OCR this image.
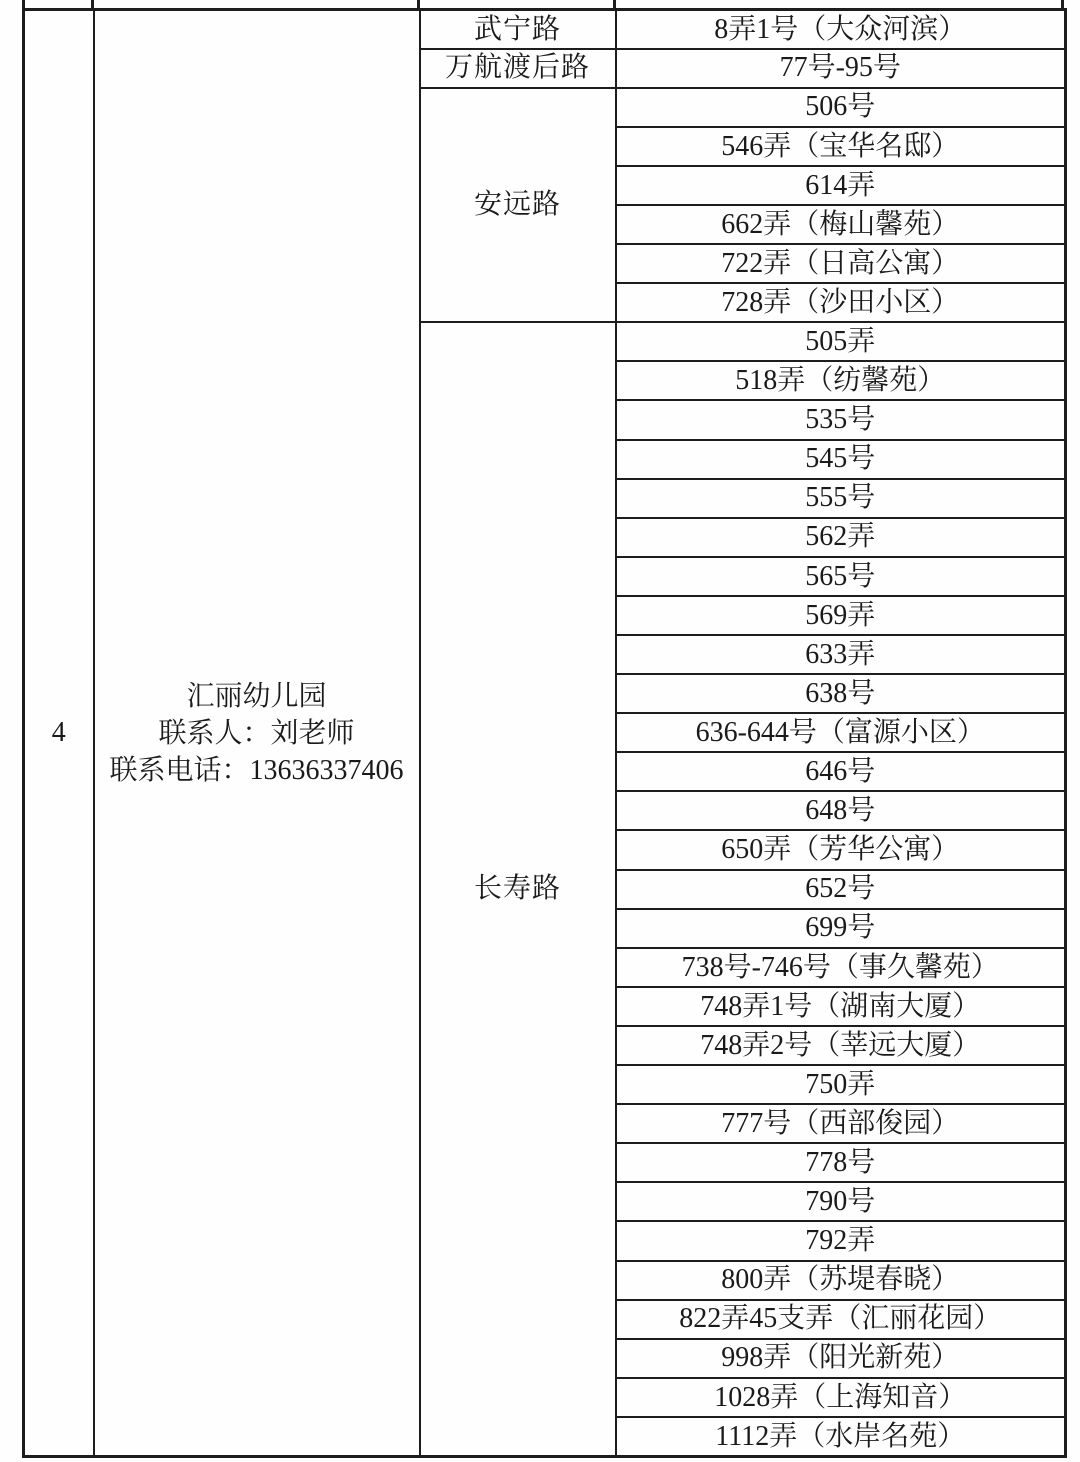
4	汇丽幼儿园
联系人：刘老师
联系电话：13636337406	武宁路	8弄1号（大众河滨）
		万航渡后路	77号-95号
		安远路	506号
			546弄（宝华名邸）
			614弄
			662弄（梅山馨苑）
			722弄（日高公寓）
			728弄（沙田小区）
		长寿路	505弄
			518弄（纺馨苑）
			535号
			545号
			555号
			562弄
			565号
			569弄
			633弄
			638号
			636-644号（富源小区）
			646号
			648号
			650弄（芳华公寓）
			652号
			699号
			738号-746号（事久馨苑）
			748弄1号（湖南大厦）
			748弄2号（莘远大厦）
			750弄
			777号（西部俊园）
			778号
			790号
			792弄
			800弄（苏堤春晓）
			822弄45支弄（汇丽花园）
			998弄（阳光新苑）
			1028弄（上海知音）
			1112弄（水岸名苑）
